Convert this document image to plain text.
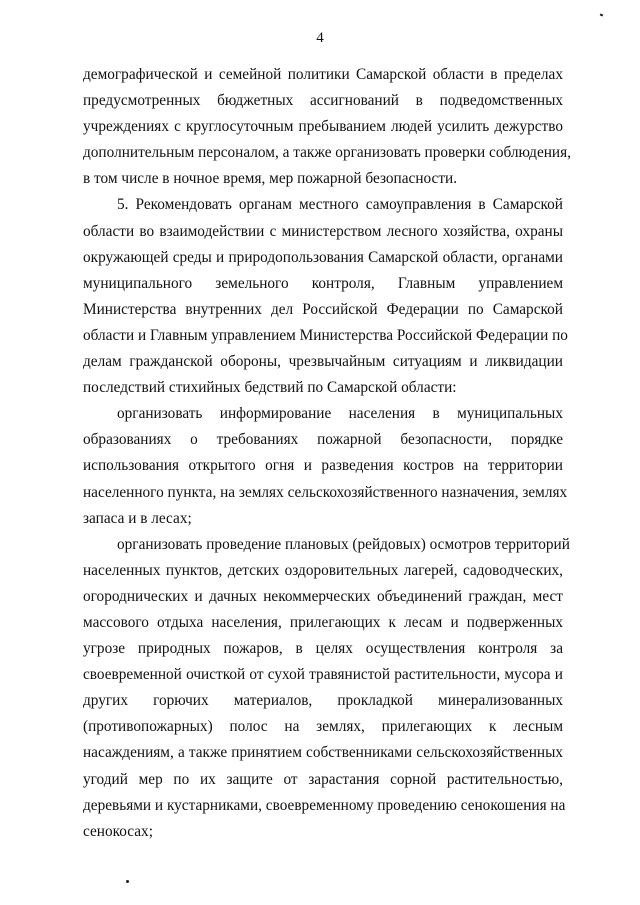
4

демографической и семейной политики Самарской области в пределах
предусмотренных бюджетных ассигнований в подведомственных
учреждениях с круглосуточным пребыванием людей усилить дежурство
дополнительным персоналом, а также организовать проверки соблюдения,
в том числе в ночное время, мер пожарной безопасности.

5. Рекомендовать органам местного самоуправления в Самарской
области во взаимодействии с министерством лесного хозяйства, охраны
окружающей среды и природопользования Самарской области, органами
муниципального земельного контроля, Главным управлением
Министерства внутренних дел Российской Федерации по Самарской
области и Главным управлением Министерства Российской Федерации по
делам гражданской обороны, чрезвычайным ситуациям и ликвидации
последствий стихийных бедствий по Самарской области:

организовать информирование населения в муниципальных
образованиях о требованиях пожарной безопасности, порядке
использования открытого огня и разведения костров на территории
населенного пункта, на землях сельскохозяйственного назначения, землях
запаса и в лесах;

организовать проведение плановых (рейдовых) осмотров территорий
населенных пунктов, детских оздоровительных лагерей, садоводческих,
огороднических и дачных некоммерческих объединений граждан, мест
массового отдыха населения, прилегающих к лесам и подверженных
угрозе природных пожаров, в целях осуществления контроля за
своевременной очисткой от сухой травянистой растительности, мусора и
других горючих материалов, прокладкой минерализованных
(противопожарных) полос на землях, прилегающих к лесным
насаждениям, а также принятием собственниками сельскохозяйственных
угодий мер по их защите от зарастания сорной растительностью,
деревьями и кустарниками, своевременному проведению сенокошения на
сенокосах;
